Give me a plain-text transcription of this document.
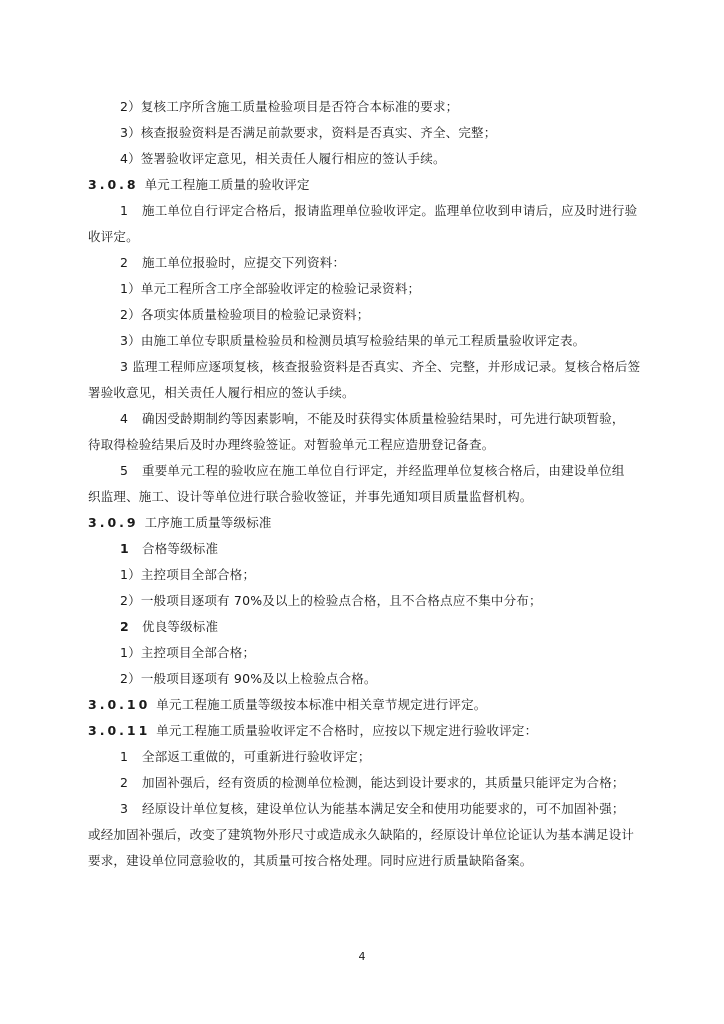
2）复核工序所含施工质量检验项目是否符合本标准的要求；
3）核查报验资料是否满足前款要求，资料是否真实、齐全、完整；
4）签署验收评定意见，相关责任人履行相应的签认手续。
3.0.8 单元工程施工质量的验收评定
1 施工单位自行评定合格后，报请监理单位验收评定。监理单位收到申请后，应及时进行验
收评定。
2 施工单位报验时，应提交下列资料：
1）单元工程所含工序全部验收评定的检验记录资料；
2）各项实体质量检验项目的检验记录资料；
3）由施工单位专职质量检验员和检测员填写检验结果的单元工程质量验收评定表。
3 监理工程师应逐项复核，核查报验资料是否真实、齐全、完整，并形成记录。复核合格后签
署验收意见，相关责任人履行相应的签认手续。
4 确因受龄期制约等因素影响，不能及时获得实体质量检验结果时，可先进行缺项暂验，
待取得检验结果后及时办理终验签证。对暂验单元工程应造册登记备查。
5 重要单元工程的验收应在施工单位自行评定，并经监理单位复核合格后，由建设单位组
织监理、施工、设计等单位进行联合验收签证，并事先通知项目质量监督机构。
3.0.9 工序施工质量等级标准
1 合格等级标准
1）主控项目全部合格；
2）一般项目逐项有 70%及以上的检验点合格，且不合格点应不集中分布；
2 优良等级标准
1）主控项目全部合格；
2）一般项目逐项有 90%及以上检验点合格。
3.0.10 单元工程施工质量等级按本标准中相关章节规定进行评定。
3.0.11 单元工程施工质量验收评定不合格时，应按以下规定进行验收评定：
1 全部返工重做的，可重新进行验收评定；
2 加固补强后，经有资质的检测单位检测，能达到设计要求的，其质量只能评定为合格；
3 经原设计单位复核，建设单位认为能基本满足安全和使用功能要求的，可不加固补强；
或经加固补强后，改变了建筑物外形尺寸或造成永久缺陷的，经原设计单位论证认为基本满足设计
要求，建设单位同意验收的，其质量可按合格处理。同时应进行质量缺陷备案。
4
